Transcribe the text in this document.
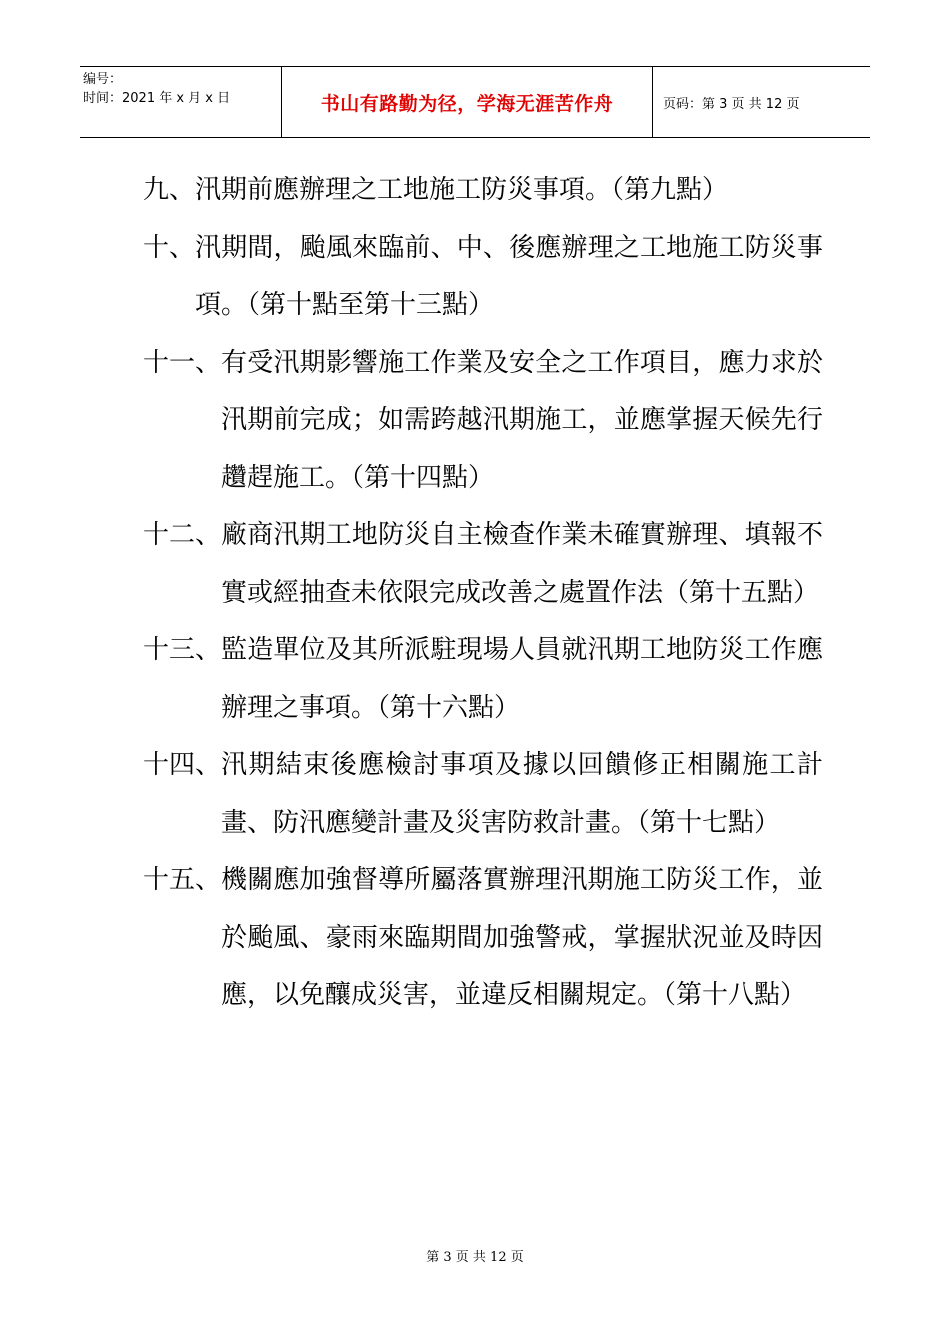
编号：
时间：2021 年 x 月 x 日	书山有路勤为径，学海无涯苦作舟	页码：第 3 页 共 12 页
九、 汛期前應辦理之工地施工防災事項。（第九點）
十、 汛期間，颱風來臨前、中、後應辦理之工地施工防災事項。（第十點至第十三點）
十一、 有受汛期影響施工作業及安全之工作項目，應力求於汛期前完成；如需跨越汛期施工，並應掌握天候先行趲趕施工。（第十四點）
十二、 廠商汛期工地防災自主檢查作業未確實辦理、填報不實或經抽查未依限完成改善之處置作法（第十五點）
十三、 監造單位及其所派駐現場人員就汛期工地防災工作應辦理之事項。（第十六點）
十四、 汛期結束後應檢討事項及據以回饋修正相關施工計畫、防汛應變計畫及災害防救計畫。（第十七點）
十五、 機關應加強督導所屬落實辦理汛期施工防災工作，並於颱風、豪雨來臨期間加強警戒，掌握狀況並及時因應，以免釀成災害，並違反相關規定。（第十八點）
第 3 页 共 12 页
